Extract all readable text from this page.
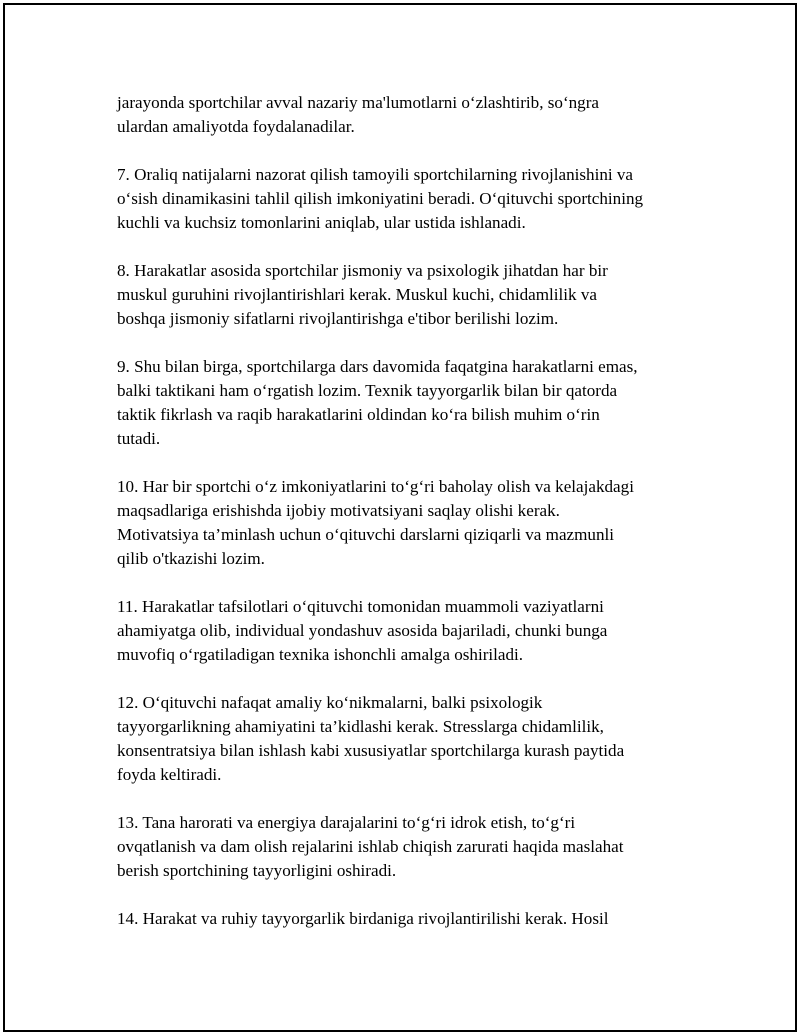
jarayonda sportchilar avval nazariy ma'lumotlarni o‘zlashtirib, so‘ngra
ulardan amaliyotda foydalanadilar.

7. Oraliq natijalarni nazorat qilish tamoyili sportchilarning rivojlanishini va
o‘sish dinamikasini tahlil qilish imkoniyatini beradi. O‘qituvchi sportchining
kuchli va kuchsiz tomonlarini aniqlab, ular ustida ishlanadi.

8. Harakatlar asosida sportchilar jismoniy va psixologik jihatdan har bir
muskul guruhini rivojlantirishlari kerak. Muskul kuchi, chidamlilik va
boshqa jismoniy sifatlarni rivojlantirishga e'tibor berilishi lozim.

9. Shu bilan birga, sportchilarga dars davomida faqatgina harakatlarni emas,
balki taktikani ham o‘rgatish lozim. Texnik tayyorgarlik bilan bir qatorda
taktik fikrlash va raqib harakatlarini oldindan ko‘ra bilish muhim o‘rin
tutadi.

10. Har bir sportchi o‘z imkoniyatlarini to‘g‘ri baholay olish va kelajakdagi
maqsadlariga erishishda ijobiy motivatsiyani saqlay olishi kerak.
Motivatsiya ta’minlash uchun o‘qituvchi darslarni qiziqarli va mazmunli
qilib o'tkazishi lozim.

11. Harakatlar tafsilotlari o‘qituvchi tomonidan muammoli vaziyatlarni
ahamiyatga olib, individual yondashuv asosida bajariladi, chunki bunga
muvofiq o‘rgatiladigan texnika ishonchli amalga oshiriladi.

12. O‘qituvchi nafaqat amaliy ko‘nikmalarni, balki psixologik
tayyorgarlikning ahamiyatini ta’kidlashi kerak. Stresslarga chidamlilik,
konsentratsiya bilan ishlash kabi xususiyatlar sportchilarga kurash paytida
foyda keltiradi.

13. Tana harorati va energiya darajalarini to‘g‘ri idrok etish, to‘g‘ri
ovqatlanish va dam olish rejalarini ishlab chiqish zarurati haqida maslahat
berish sportchining tayyorligini oshiradi.

14. Harakat va ruhiy tayyorgarlik birdaniga rivojlantirilishi kerak. Hosil
